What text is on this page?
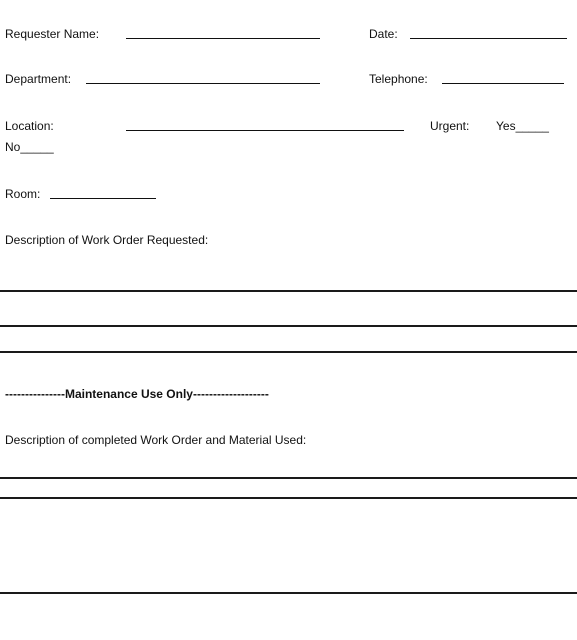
Requester Name:	Date:
Department:	Telephone:
Location:	Urgent: Yes_____
No_____
Room:
Description of Work Order Requested:
---------------Maintenance Use Only-------------------
Description of completed Work Order and Material Used:
